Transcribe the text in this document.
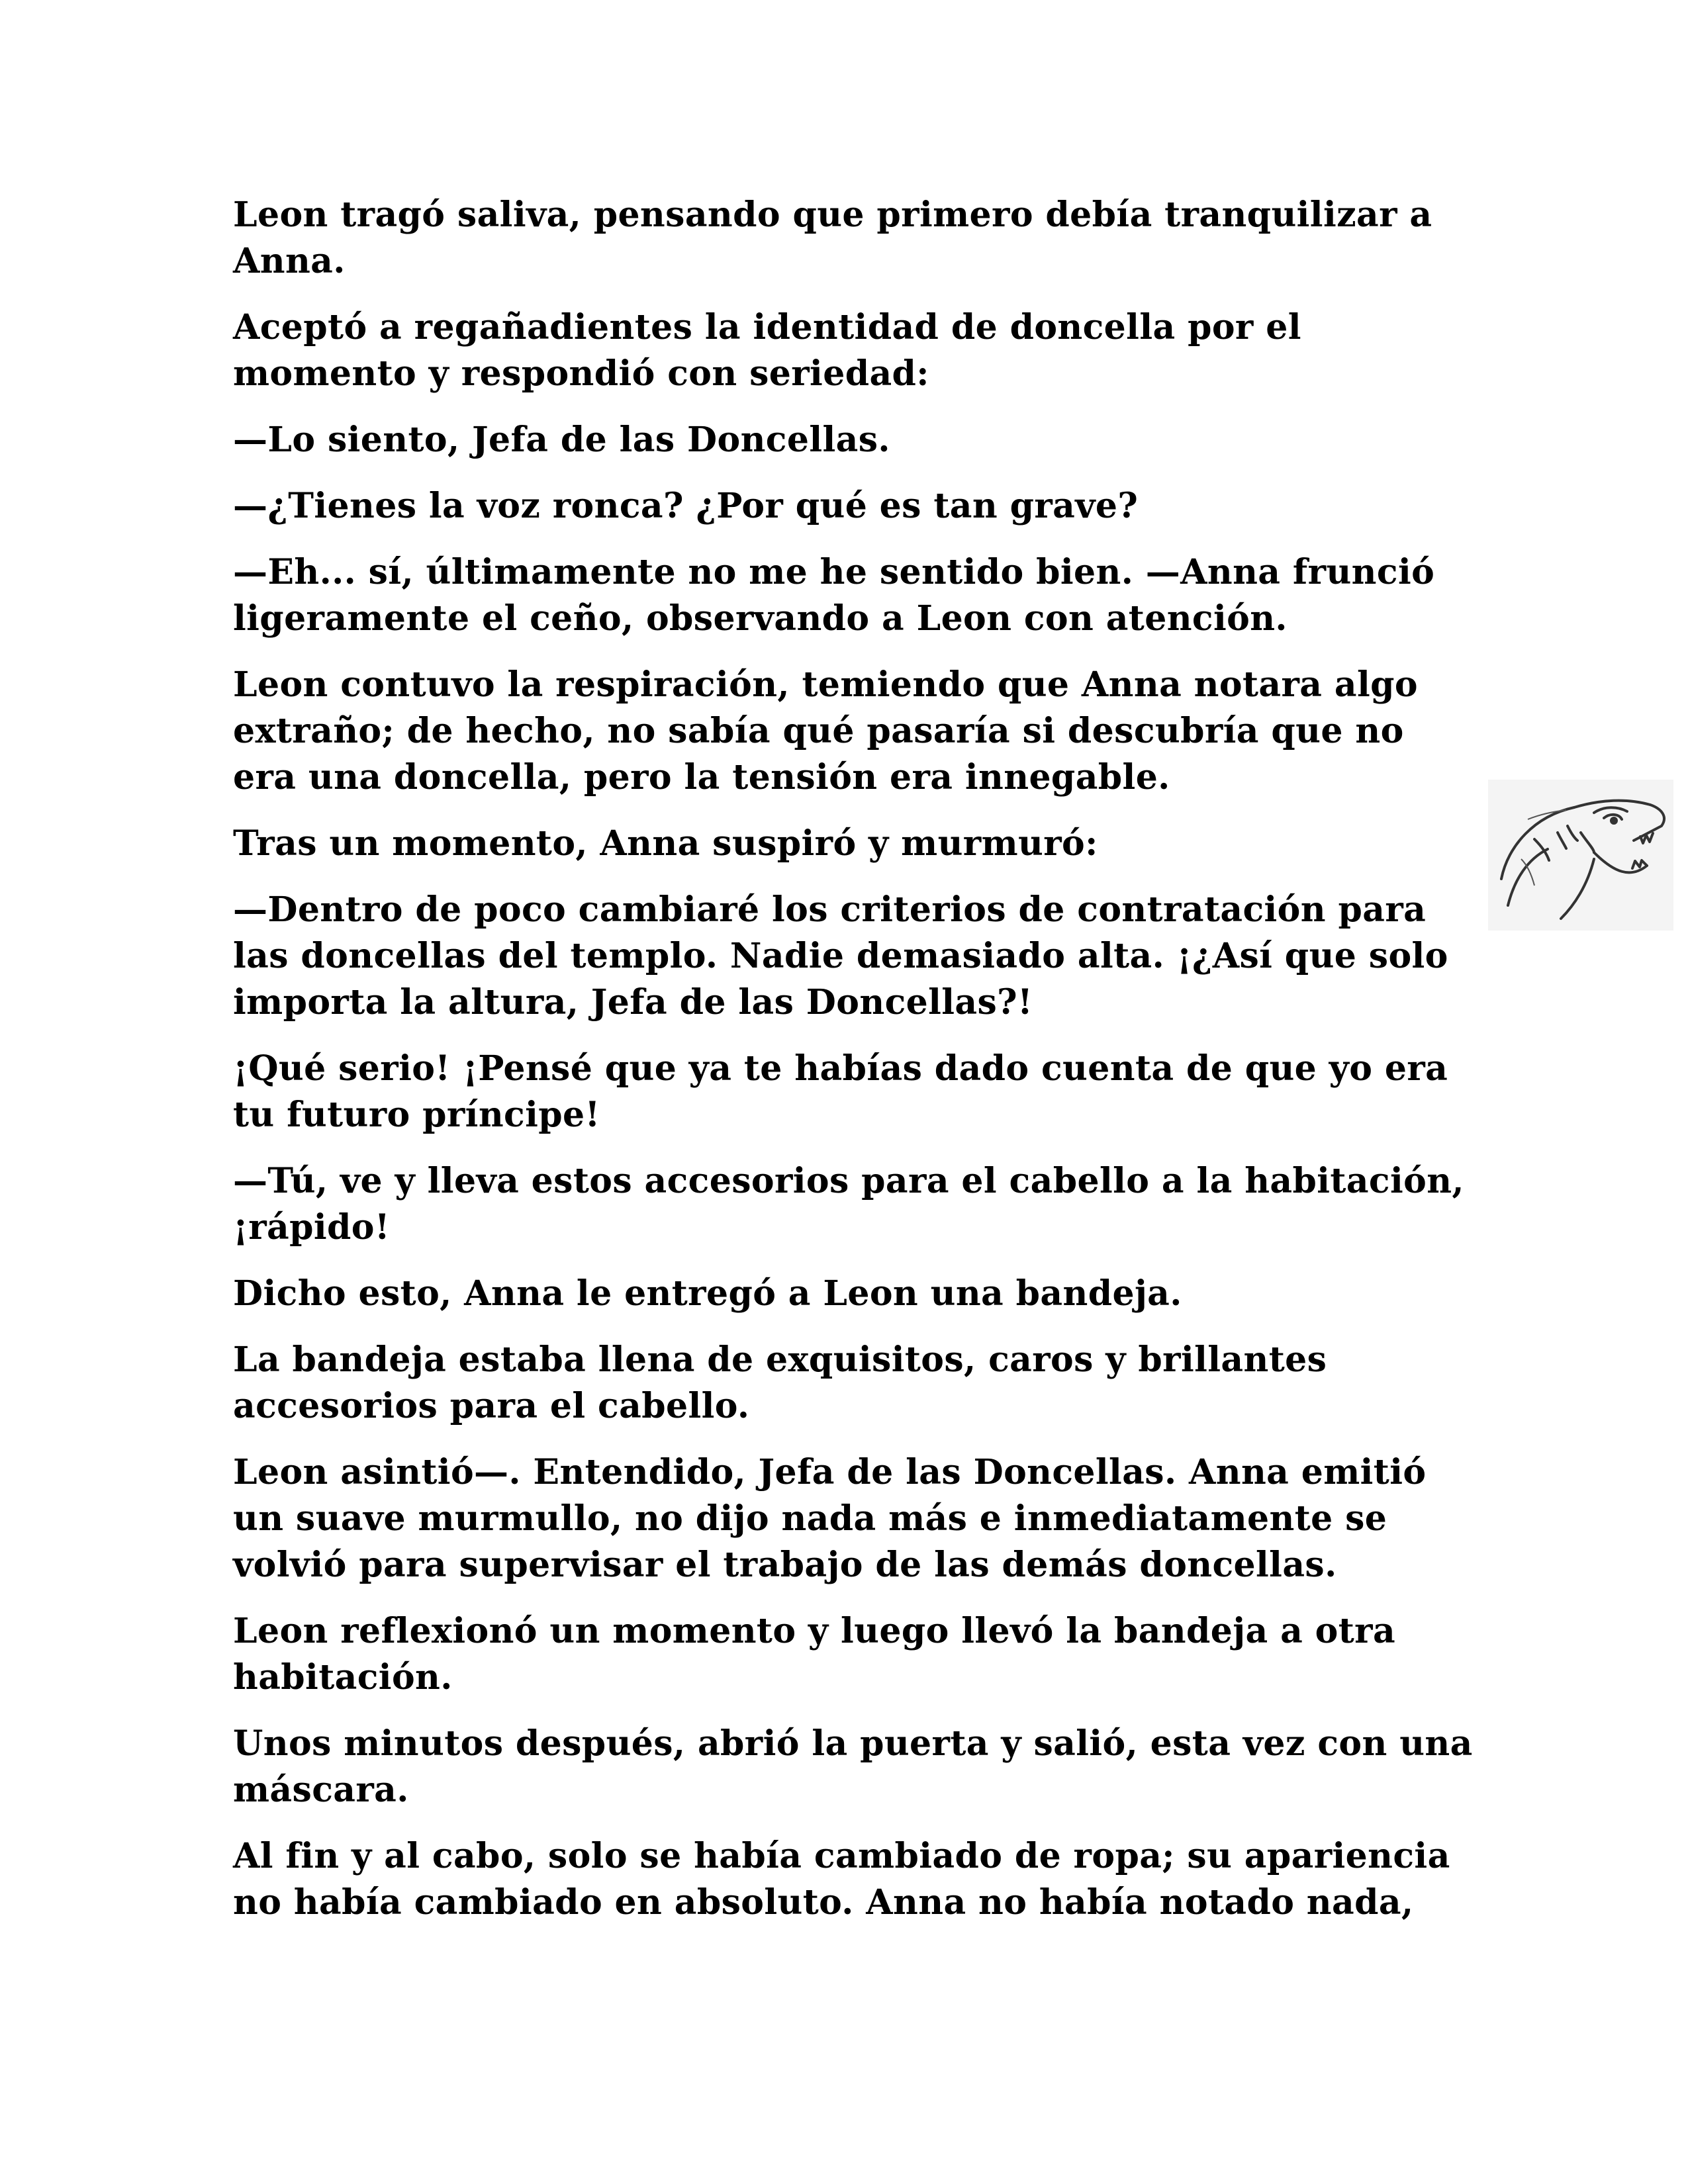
Leon tragó saliva, pensando que primero debía tranquilizar a Anna.

Aceptó a regañadientes la identidad de doncella por el momento y respondió con seriedad:

—Lo siento, Jefa de las Doncellas.

—¿Tienes la voz ronca? ¿Por qué es tan grave?

—Eh... sí, últimamente no me he sentido bien. —Anna frunció ligeramente el ceño, observando a Leon con atención.

Leon contuvo la respiración, temiendo que Anna notara algo extraño; de hecho, no sabía qué pasaría si descubría que no era una doncella, pero la tensión era innegable.

Tras un momento, Anna suspiró y murmuró:

—Dentro de poco cambiaré los criterios de contratación para las doncellas del templo. Nadie demasiado alta. ¡¿Así que solo importa la altura, Jefa de las Doncellas?!

¡Qué serio! ¡Pensé que ya te habías dado cuenta de que yo era tu futuro príncipe!

—Tú, ve y lleva estos accesorios para el cabello a la habitación, ¡rápido!

Dicho esto, Anna le entregó a Leon una bandeja.

La bandeja estaba llena de exquisitos, caros y brillantes accesorios para el cabello.

Leon asintió—. Entendido, Jefa de las Doncellas. Anna emitió un suave murmullo, no dijo nada más e inmediatamente se volvió para supervisar el trabajo de las demás doncellas.

Leon reflexionó un momento y luego llevó la bandeja a otra habitación.

Unos minutos después, abrió la puerta y salió, esta vez con una máscara.

Al fin y al cabo, solo se había cambiado de ropa; su apariencia no había cambiado en absoluto. Anna no había notado nada,
